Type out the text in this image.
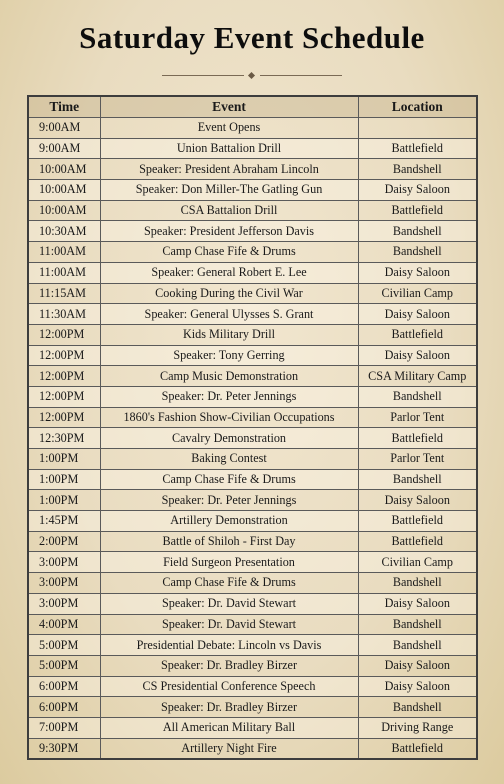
Saturday Event Schedule
Time	Event	Location
9:00AM	Event Opens	
9:00AM	Union Battalion Drill	Battlefield
10:00AM	Speaker: President Abraham Lincoln	Bandshell
10:00AM	Speaker: Don Miller-The Gatling Gun	Daisy Saloon
10:00AM	CSA Battalion Drill	Battlefield
10:30AM	Speaker: President Jefferson Davis	Bandshell
11:00AM	Camp Chase Fife & Drums	Bandshell
11:00AM	Speaker: General Robert E. Lee	Daisy Saloon
11:15AM	Cooking During the Civil War	Civilian Camp
11:30AM	Speaker: General Ulysses S. Grant	Daisy Saloon
12:00PM	Kids Military Drill	Battlefield
12:00PM	Speaker: Tony Gerring	Daisy Saloon
12:00PM	Camp Music Demonstration	CSA Military Camp
12:00PM	Speaker: Dr. Peter Jennings	Bandshell
12:00PM	1860's Fashion Show-Civilian Occupations	Parlor Tent
12:30PM	Cavalry Demonstration	Battlefield
1:00PM	Baking Contest	Parlor Tent
1:00PM	Camp Chase Fife & Drums	Bandshell
1:00PM	Speaker: Dr. Peter Jennings	Daisy Saloon
1:45PM	Artillery Demonstration	Battlefield
2:00PM	Battle of Shiloh - First Day	Battlefield
3:00PM	Field Surgeon Presentation	Civilian Camp
3:00PM	Camp Chase Fife & Drums	Bandshell
3:00PM	Speaker: Dr. David Stewart	Daisy Saloon
4:00PM	Speaker: Dr. David Stewart	Bandshell
5:00PM	Presidential Debate: Lincoln vs Davis	Bandshell
5:00PM	Speaker: Dr. Bradley Birzer	Daisy Saloon
6:00PM	CS Presidential Conference Speech	Daisy Saloon
6:00PM	Speaker: Dr. Bradley Birzer	Bandshell
7:00PM	All American Military Ball	Driving Range
9:30PM	Artillery Night Fire	Battlefield
